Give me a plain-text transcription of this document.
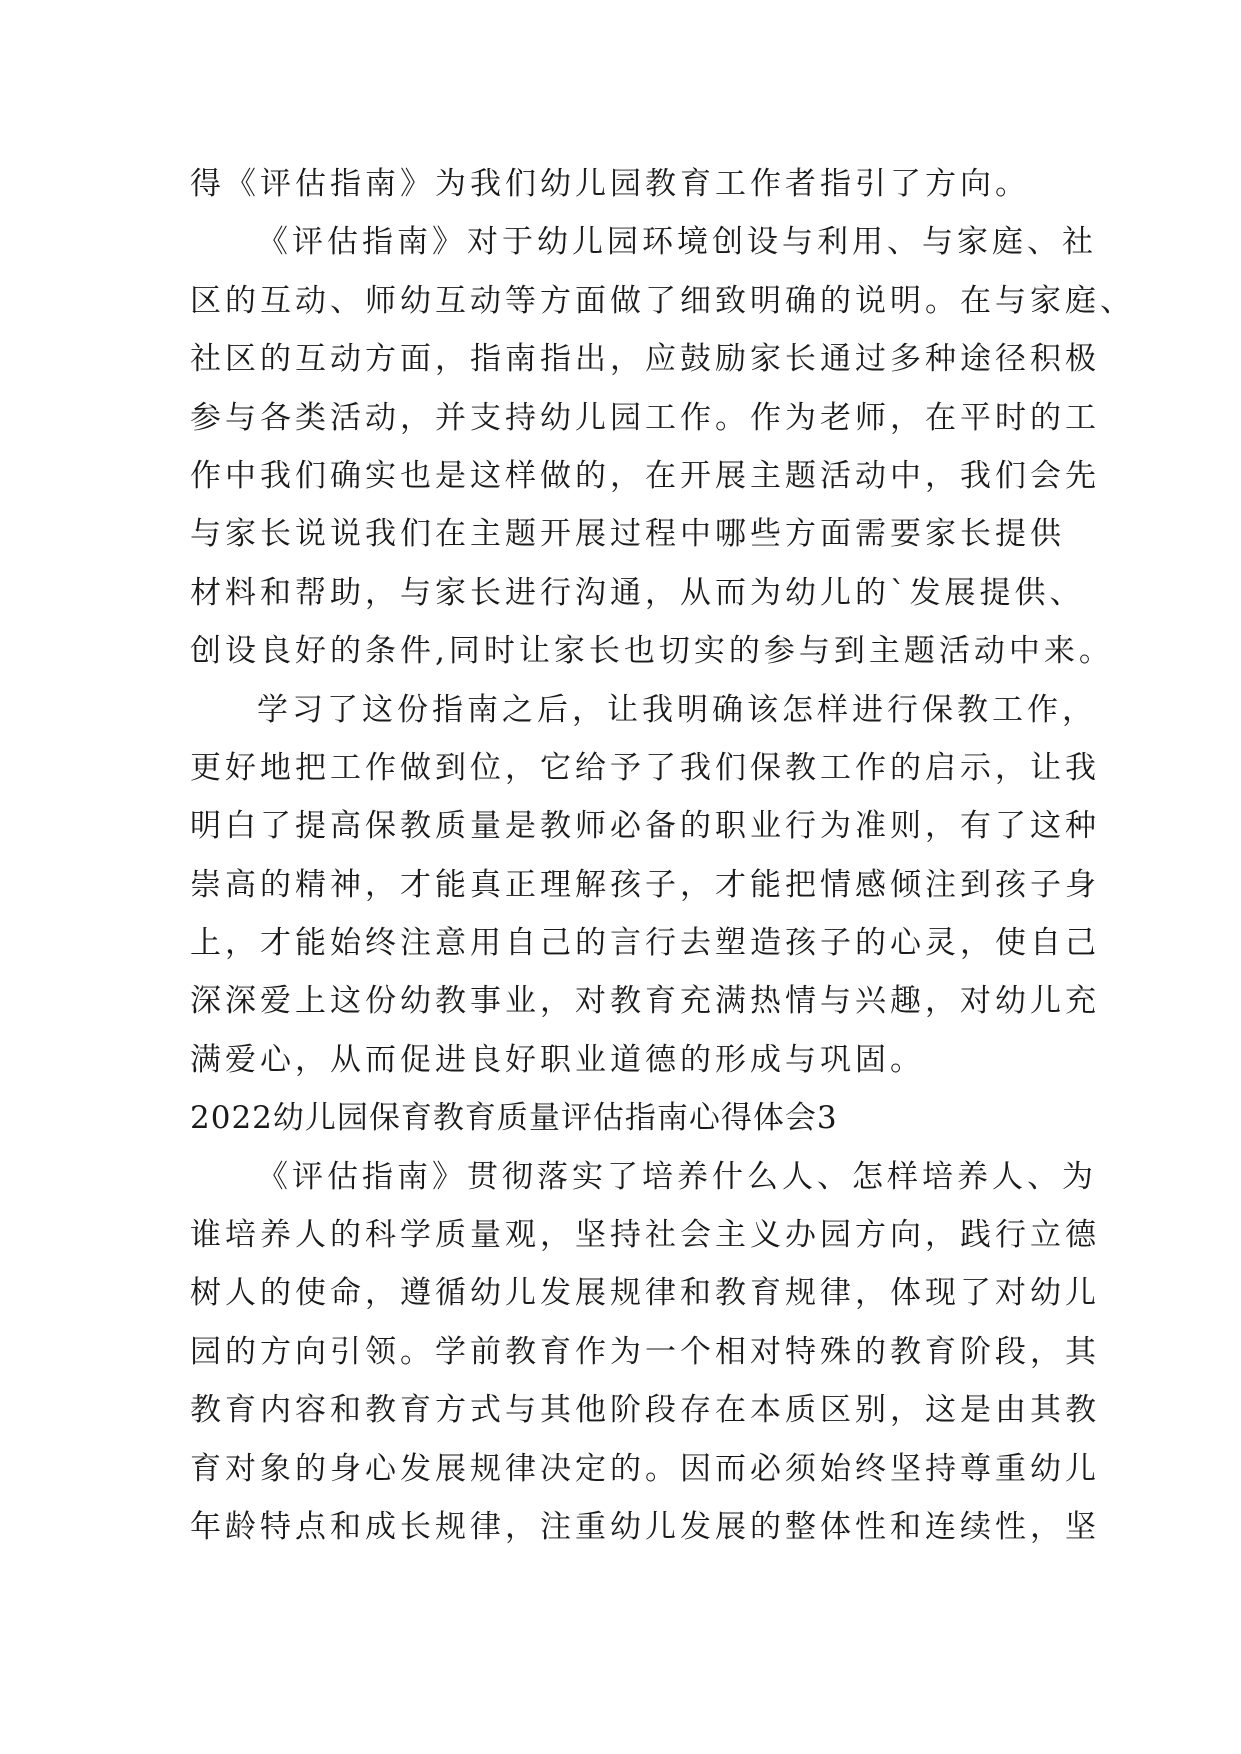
得《评估指南》为我们幼儿园教育工作者指引了方向。
《评估指南》对于幼儿园环境创设与利用、与家庭、社
区的互动、师幼互动等方面做了细致明确的说明。在与家庭、
社区的互动方面，指南指出，应鼓励家长通过多种途径积极
参与各类活动，并支持幼儿园工作。作为老师，在平时的工
作中我们确实也是这样做的，在开展主题活动中，我们会先
与家长说说我们在主题开展过程中哪些方面需要家长提供
材料和帮助，与家长进行沟通，从而为幼儿的`发展提供、
创设良好的条件,同时让家长也切实的参与到主题活动中来。
学习了这份指南之后，让我明确该怎样进行保教工作，
更好地把工作做到位，它给予了我们保教工作的启示，让我
明白了提高保教质量是教师必备的职业行为准则，有了这种
崇高的精神，才能真正理解孩子，才能把情感倾注到孩子身
上，才能始终注意用自己的言行去塑造孩子的心灵，使自己
深深爱上这份幼教事业，对教育充满热情与兴趣，对幼儿充
满爱心，从而促进良好职业道德的形成与巩固。
2022幼儿园保育教育质量评估指南心得体会3
《评估指南》贯彻落实了培养什么人、怎样培养人、为
谁培养人的科学质量观，坚持社会主义办园方向，践行立德
树人的使命，遵循幼儿发展规律和教育规律，体现了对幼儿
园的方向引领。学前教育作为一个相对特殊的教育阶段，其
教育内容和教育方式与其他阶段存在本质区别，这是由其教
育对象的身心发展规律决定的。因而必须始终坚持尊重幼儿
年龄特点和成长规律，注重幼儿发展的整体性和连续性，坚
